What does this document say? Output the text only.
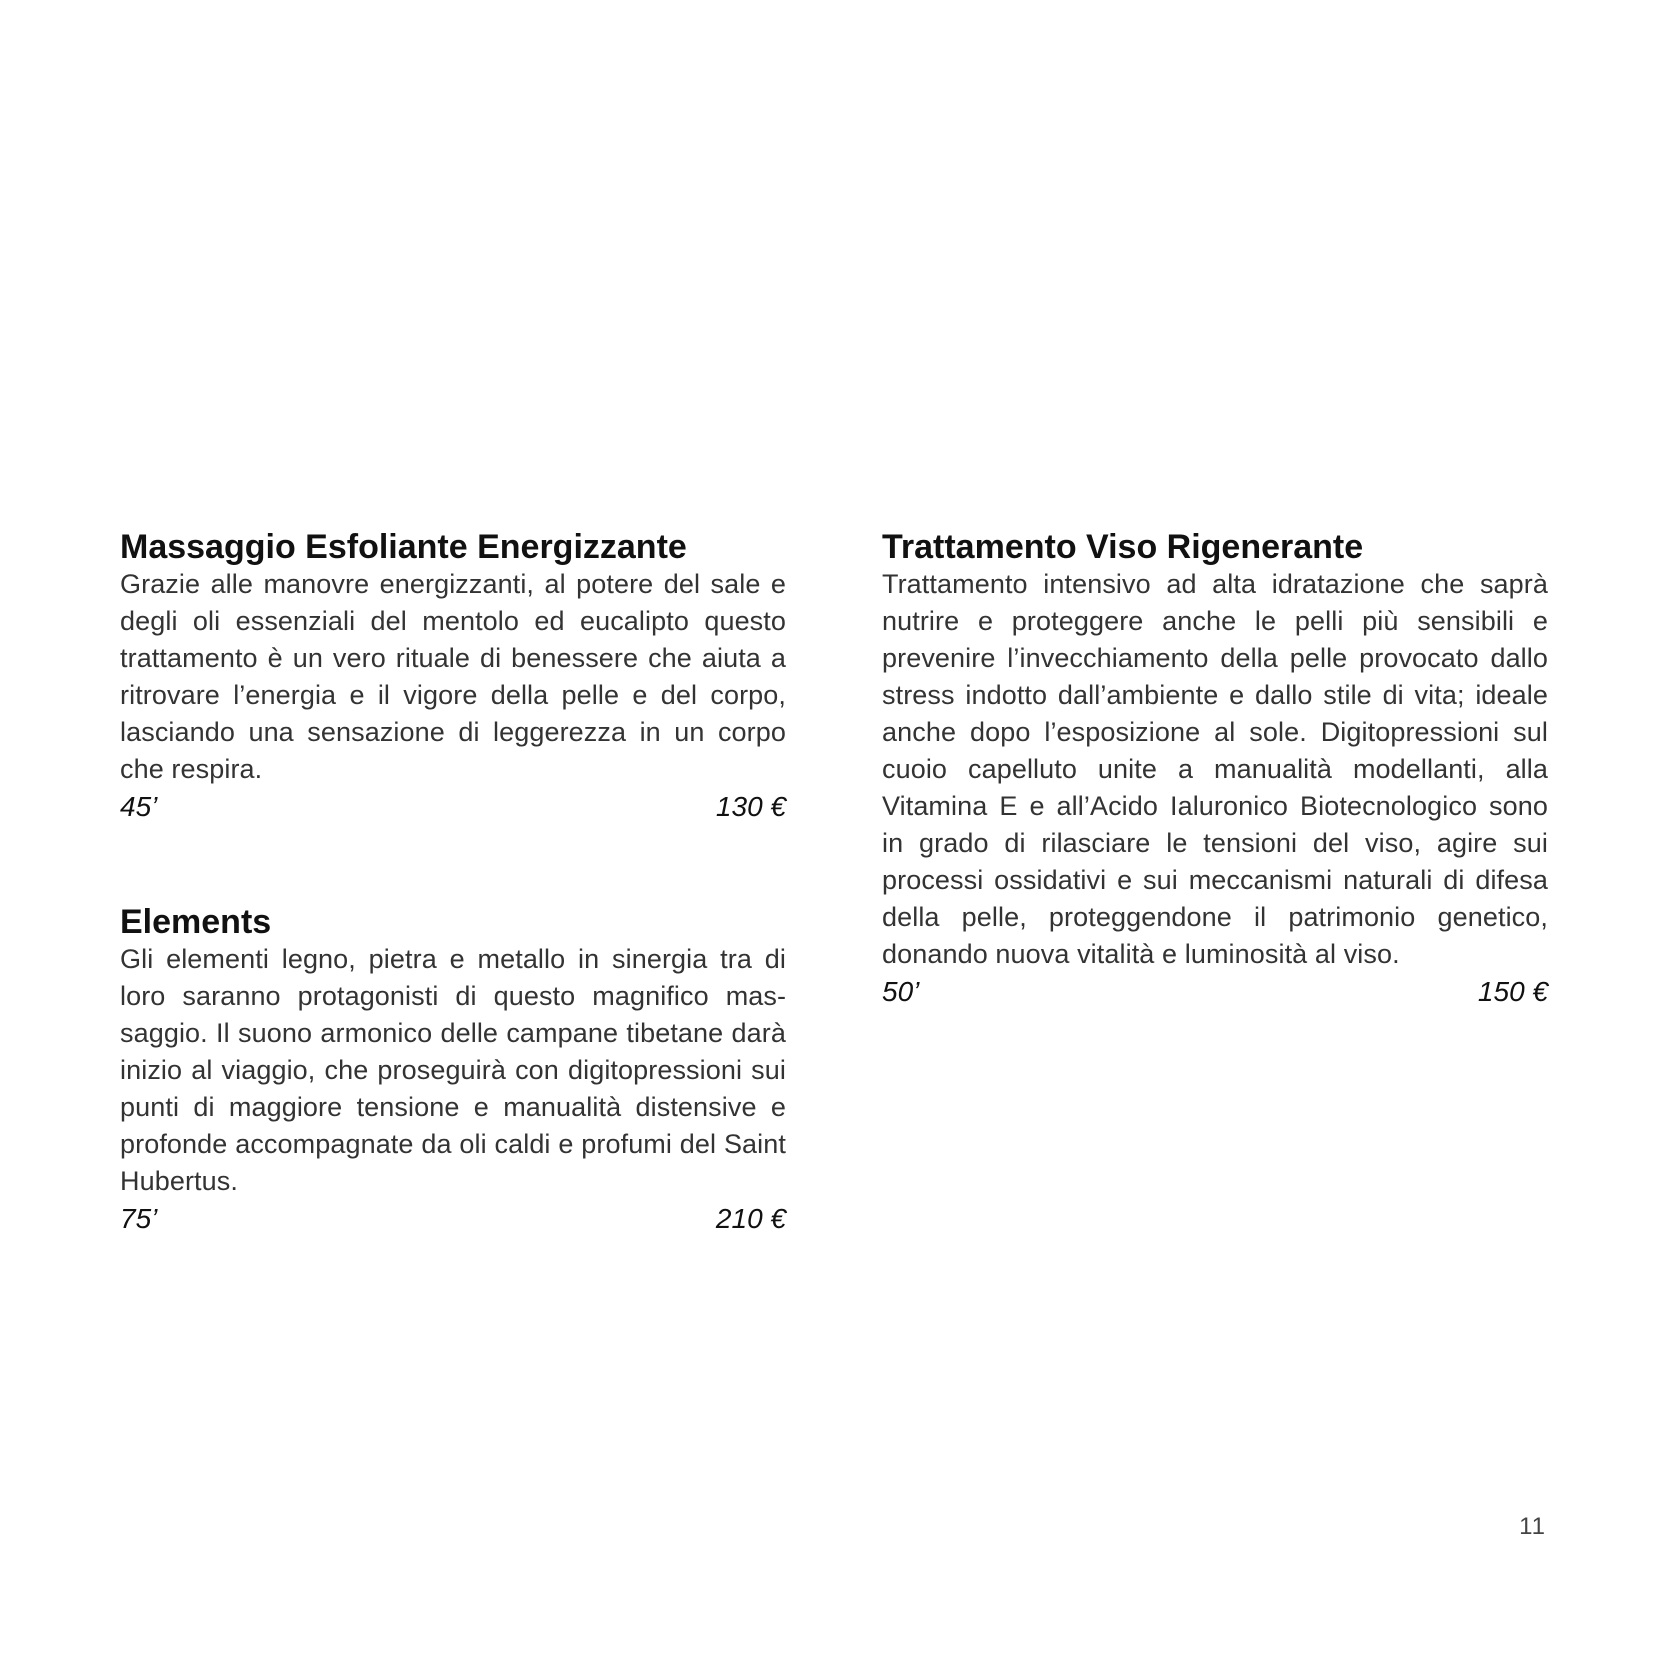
Massaggio Esfoliante Energizzante

Grazie alle manovre energizzanti, al potere del sale e degli oli essenziali del mentolo ed eucalipto questo trattamento è un vero rituale di benessere che aiuta a ritrovare l’energia e il vigore della pelle e del corpo, lasciando una sensazione di leggerezza in un corpo che respira.

45’	130 €
Elements

Gli elementi legno, pietra e metallo in sinergia tra di loro saranno protagonisti di questo magnifico massaggio. Il suono armonico delle campane tibetane darà inizio al viaggio, che proseguirà con digitopressioni sui punti di maggiore tensione e manualità distensive e profonde accompagnate da oli caldi e profumi del Saint Hubertus.

75’	210 €
Trattamento Viso Rigenerante

Trattamento intensivo ad alta idratazione che saprà nutrire e proteggere anche le pelli più sensibili e prevenire l’invecchiamento della pelle provocato dallo stress indotto dall’ambiente e dallo stile di vita; ideale anche dopo l’esposizione al sole. Digitopressioni sul cuoio capelluto unite a manualità modellanti, alla Vitamina E e all’Acido Ialuronico Biotecnologico sono in grado di rilasciare le tensioni del viso, agire sui processi ossidativi e sui meccanismi naturali di difesa della pelle, proteggendone il patrimonio genetico, donando nuova vitalità e luminosità al viso.

50’	150 €
11
